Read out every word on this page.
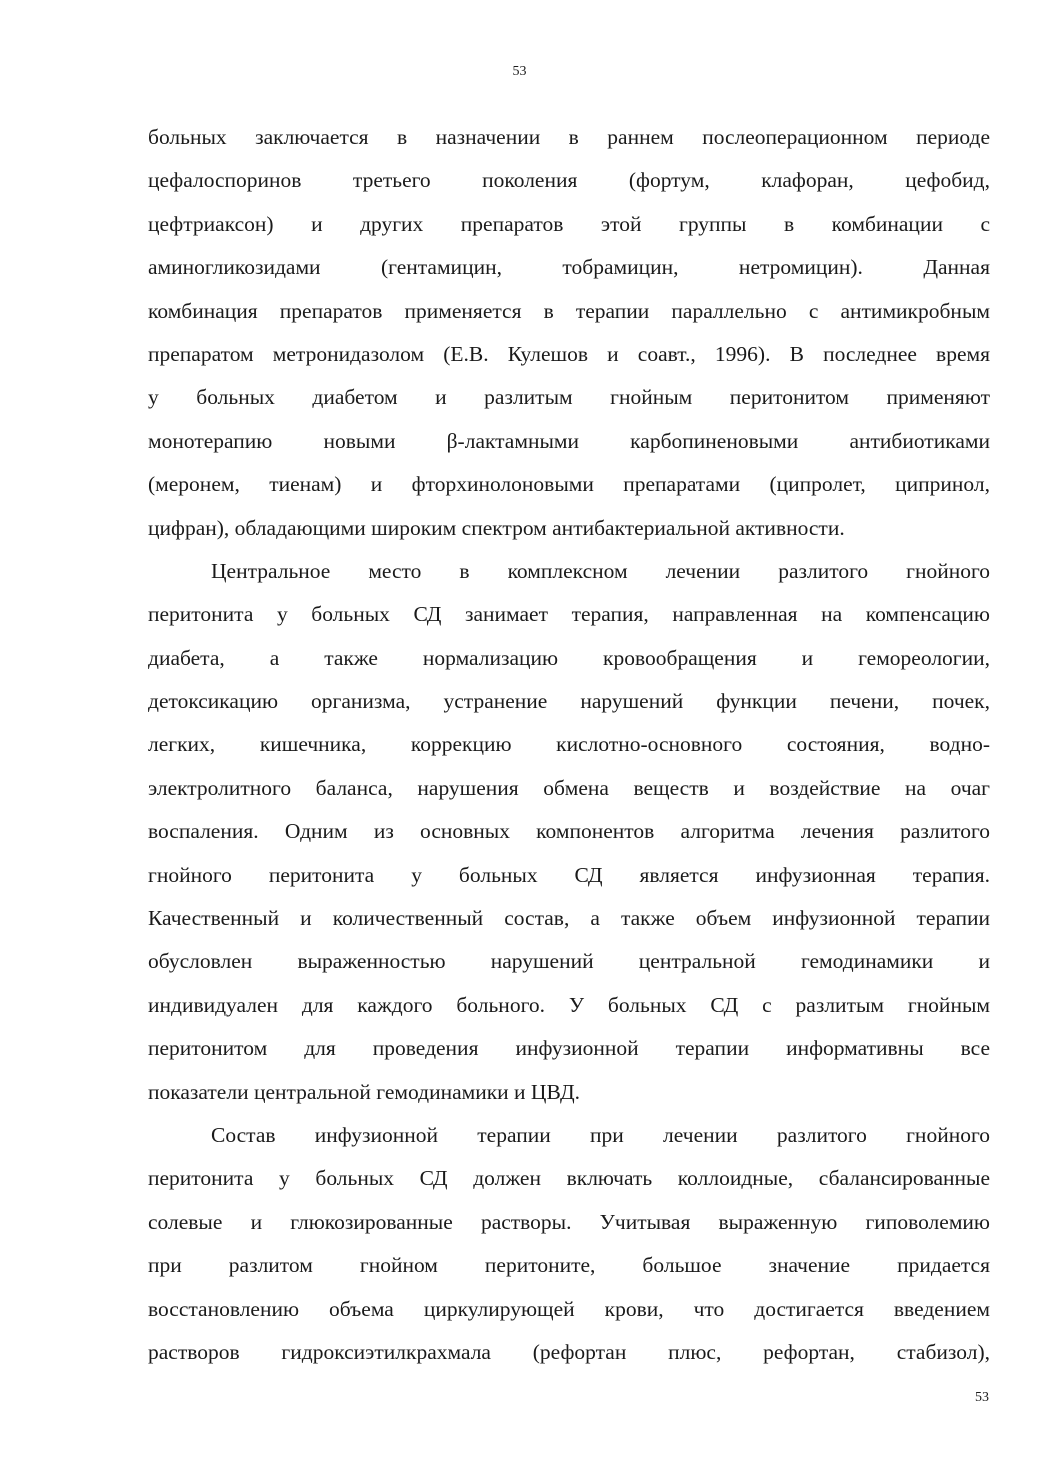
53
больных заключается в назначении в раннем послеоперационном периоде
цефалоспоринов третьего поколения (фортум, клафоран, цефобид,
цефтриаксон) и других препаратов этой группы в комбинации с
аминогликозидами (гентамицин, тобрамицин, нетромицин). Данная
комбинация препаратов применяется в терапии параллельно с антимикробным
препаратом метронидазолом (Е.В. Кулешов и соавт., 1996). В последнее время
у больных диабетом и разлитым гнойным перитонитом применяют
монотерапию новыми β-лактамными карбопиненовыми антибиотиками
(меронем, тиенам) и фторхинолоновыми препаратами (ципролет, ципринол,
цифран), обладающими широким спектром антибактериальной активности.
Центральное место в комплексном лечении разлитого гнойного
перитонита у больных СД занимает терапия, направленная на компенсацию
диабета, а также нормализацию кровообращения и гемореологии,
детоксикацию организма, устранение нарушений функции печени, почек,
легких, кишечника, коррекцию кислотно-основного состояния, водно-
электролитного баланса, нарушения обмена веществ и воздействие на очаг
воспаления. Одним из основных компонентов алгоритма лечения разлитого
гнойного перитонита у больных СД является инфузионная терапия.
Качественный и количественный состав, а также объем инфузионной терапии
обусловлен выраженностью нарушений центральной гемодинамики и
индивидуален для каждого больного. У больных СД с разлитым гнойным
перитонитом для проведения инфузионной терапии информативны все
показатели центральной гемодинамики и ЦВД.
Состав инфузионной терапии при лечении разлитого гнойного
перитонита у больных СД должен включать коллоидные, сбалансированные
солевые и глюкозированные растворы. Учитывая выраженную гиповолемию
при разлитом гнойном перитоните, большое значение придается
восстановлению объема циркулирующей крови, что достигается введением
растворов гидроксиэтилкрахмала (рефортан плюс, рефортан, стабизол),
53
